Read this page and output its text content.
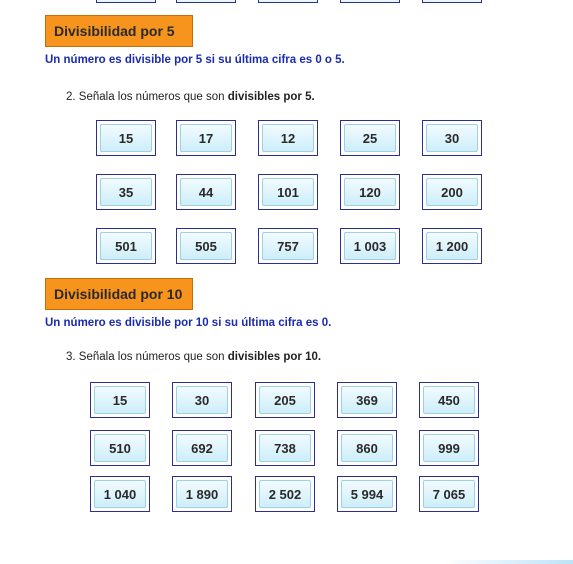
Divisibilidad por 5
Un número es divisible por 5 si su última cifra es 0 o 5.
2. Señala los números que son divisibles por 5.
15	17	12	25	30
35	44	101	120	200
501	505	757	1 003	1 200
Divisibilidad por 10
Un número es divisible por 10 si su última cifra es 0.
3. Señala los números que son divisibles por 10.
15	30	205	369	450
510	692	738	860	999
1 040	1 890	2 502	5 994	7 065
